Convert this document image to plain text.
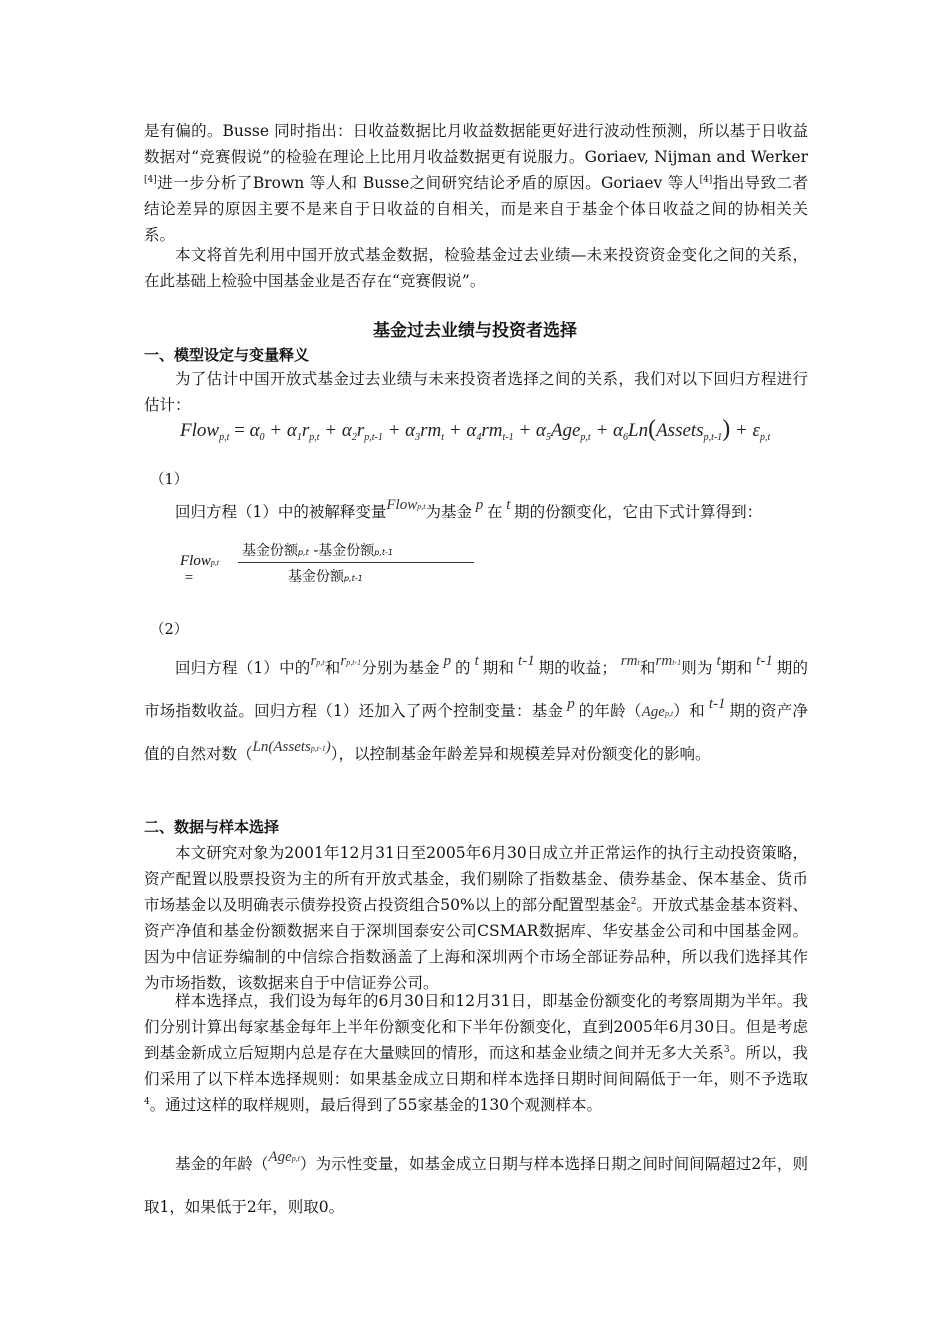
是有偏的。Busse 同时指出：日收益数据比月收益数据能更好进行波动性预测，所以基于日收益数据对“竞赛假说”的检验在理论上比用月收益数据更有说服力。Goriaev, Nijman and Werker [4]进一步分析了Brown 等人和 Busse之间研究结论矛盾的原因。Goriaev 等人[4]指出导致二者结论差异的原因主要不是来自于日收益的自相关，而是来自于基金个体日收益之间的协相关关系。

本文将首先利用中国开放式基金数据，检验基金过去业绩—未来投资资金变化之间的关系，在此基础上检验中国基金业是否存在“竞赛假说”。

基金过去业绩与投资者选择
一、模型设定与变量释义

为了估计中国开放式基金过去业绩与未来投资者选择之间的关系，我们对以下回归方程进行估计：

Flow$_{p,t}$ = $\alpha_0 + \alpha_1r_{p,t} + \alpha_2r_{p,t-1} + \alpha_3rm_t + \alpha_4rm_{t-1} + \alpha_5Age_{p,t}$ + $\alpha_6Ln(Assets_{p,t-1}) + \varepsilon_{p,t}$

（1）

回归方程（1）中的被解释变量Flowp,t为基金 p 在 t 期的份额变化，它由下式计算得到：

Flowp,t  =
基金份额p,t -基金份额p,t-1
基金份额p,t-1

（2）

回归方程（1）中的rp,t和rp,t-1分别为基金 p 的 t 期和 t-1 期的收益； rmt和rmt-1则为 t期和 t-1 期的市场指数收益。回归方程（1）还加入了两个控制变量：基金 p 的年龄（Agep,t）和 t-1 期的资产净值的自然对数（Ln(Assetsp,t-1)），以控制基金年龄差异和规模差异对份额变化的影响。

二、数据与样本选择

本文研究对象为2001年12月31日至2005年6月30日成立并正常运作的执行主动投资策略，资产配置以股票投资为主的所有开放式基金，我们剔除了指数基金、债券基金、保本基金、货币市场基金以及明确表示债券投资占投资组合50%以上的部分配置型基金$^2$。开放式基金基本资料、资产净值和基金份额数据来自于深圳国泰安公司CSMAR数据库、华安基金公司和中国基金网。因为中信证券编制的中信综合指数涵盖了上海和深圳两个市场全部证券品种，所以我们选择其作为市场指数，该数据来自于中信证券公司。

样本选择点，我们设为每年的6月30日和12月31日，即基金份额变化的考察周期为半年。我们分别计算出每家基金每年上半年份额变化和下半年份额变化，直到2005年6月30日。但是考虑到基金新成立后短期内总是存在大量赎回的情形，而这和基金业绩之间并无多大关系$^3$。所以，我们采用了以下样本选择规则：如果基金成立日期和样本选择日期时间间隔低于一年，则不予选取$^4$。通过这样的取样规则，最后得到了55家基金的130个观测样本。

基金的年龄（Agep,t）为示性变量，如基金成立日期与样本选择日期之间时间间隔超过2年，则取1，如果低于2年，则取0。
